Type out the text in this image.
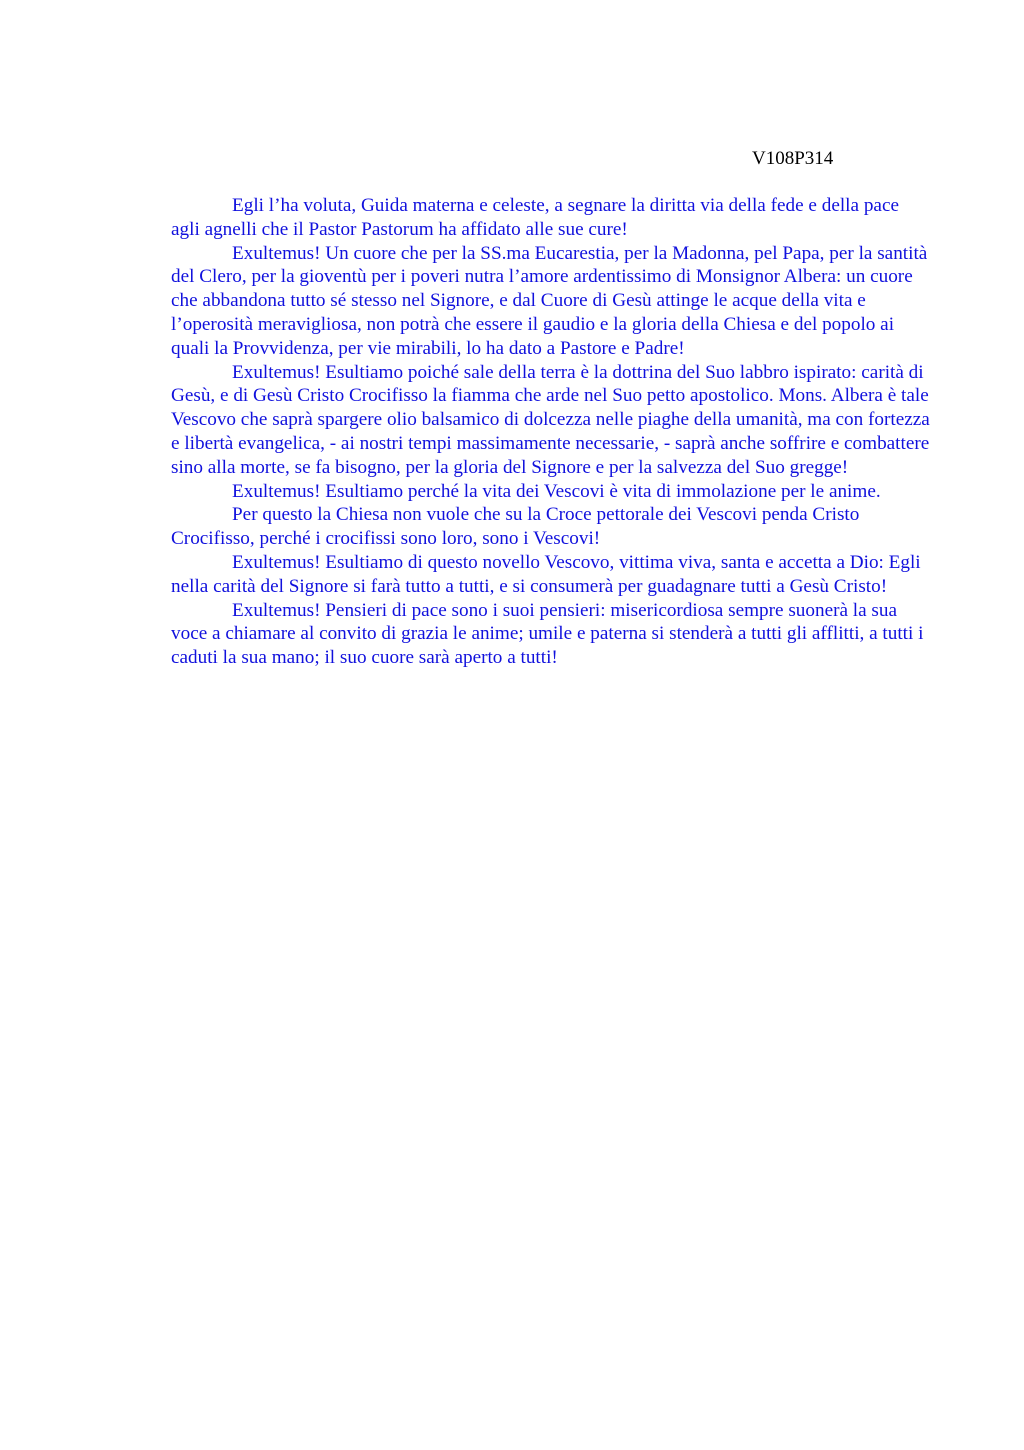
V108P314

Egli l’ha voluta, Guida materna e celeste, a segnare la diritta via della fede e della pace agli agnelli che il Pastor Pastorum ha affidato alle sue cure!

Exultemus! Un cuore che per la SS.ma Eucarestia, per la Madonna, pel Papa, per la santità del Clero, per la gioventù per i poveri nutra l’amore ardentissimo di Monsignor Albera: un cuore che abbandona tutto sé stesso nel Signore, e dal Cuore di Gesù attinge le acque della vita e l’operosità meravigliosa, non potrà che essere il gaudio e la gloria della Chiesa e del popolo ai quali la Provvidenza, per vie mirabili, lo ha dato a Pastore e Padre!

Exultemus! Esultiamo poiché sale della terra è la dottrina del Suo labbro ispirato: carità di Gesù, e di Gesù Cristo Crocifisso la fiamma che arde nel Suo petto apostolico. Mons. Albera è tale Vescovo che saprà spargere olio balsamico di dolcezza nelle piaghe della umanità, ma con fortezza e libertà evangelica, - ai nostri tempi massimamente necessarie, - saprà anche soffrire e combattere sino alla morte, se fa bisogno, per la gloria del Signore e per la salvezza del Suo gregge!

Exultemus! Esultiamo perché la vita dei Vescovi è vita di immolazione per le anime.

Per questo la Chiesa non vuole che su la Croce pettorale dei Vescovi penda Cristo Crocifisso, perché i crocifissi sono loro, sono i Vescovi!

Exultemus! Esultiamo di questo novello Vescovo, vittima viva, santa e accetta a Dio: Egli nella carità del Signore si farà tutto a tutti, e si consumerà per guadagnare tutti a Gesù Cristo!

Exultemus! Pensieri di pace sono i suoi pensieri: misericordiosa sempre suonerà la sua voce a chiamare al convito di grazia le anime; umile e paterna si stenderà a tutti gli afflitti, a tutti i caduti la sua mano; il suo cuore sarà aperto a tutti!
